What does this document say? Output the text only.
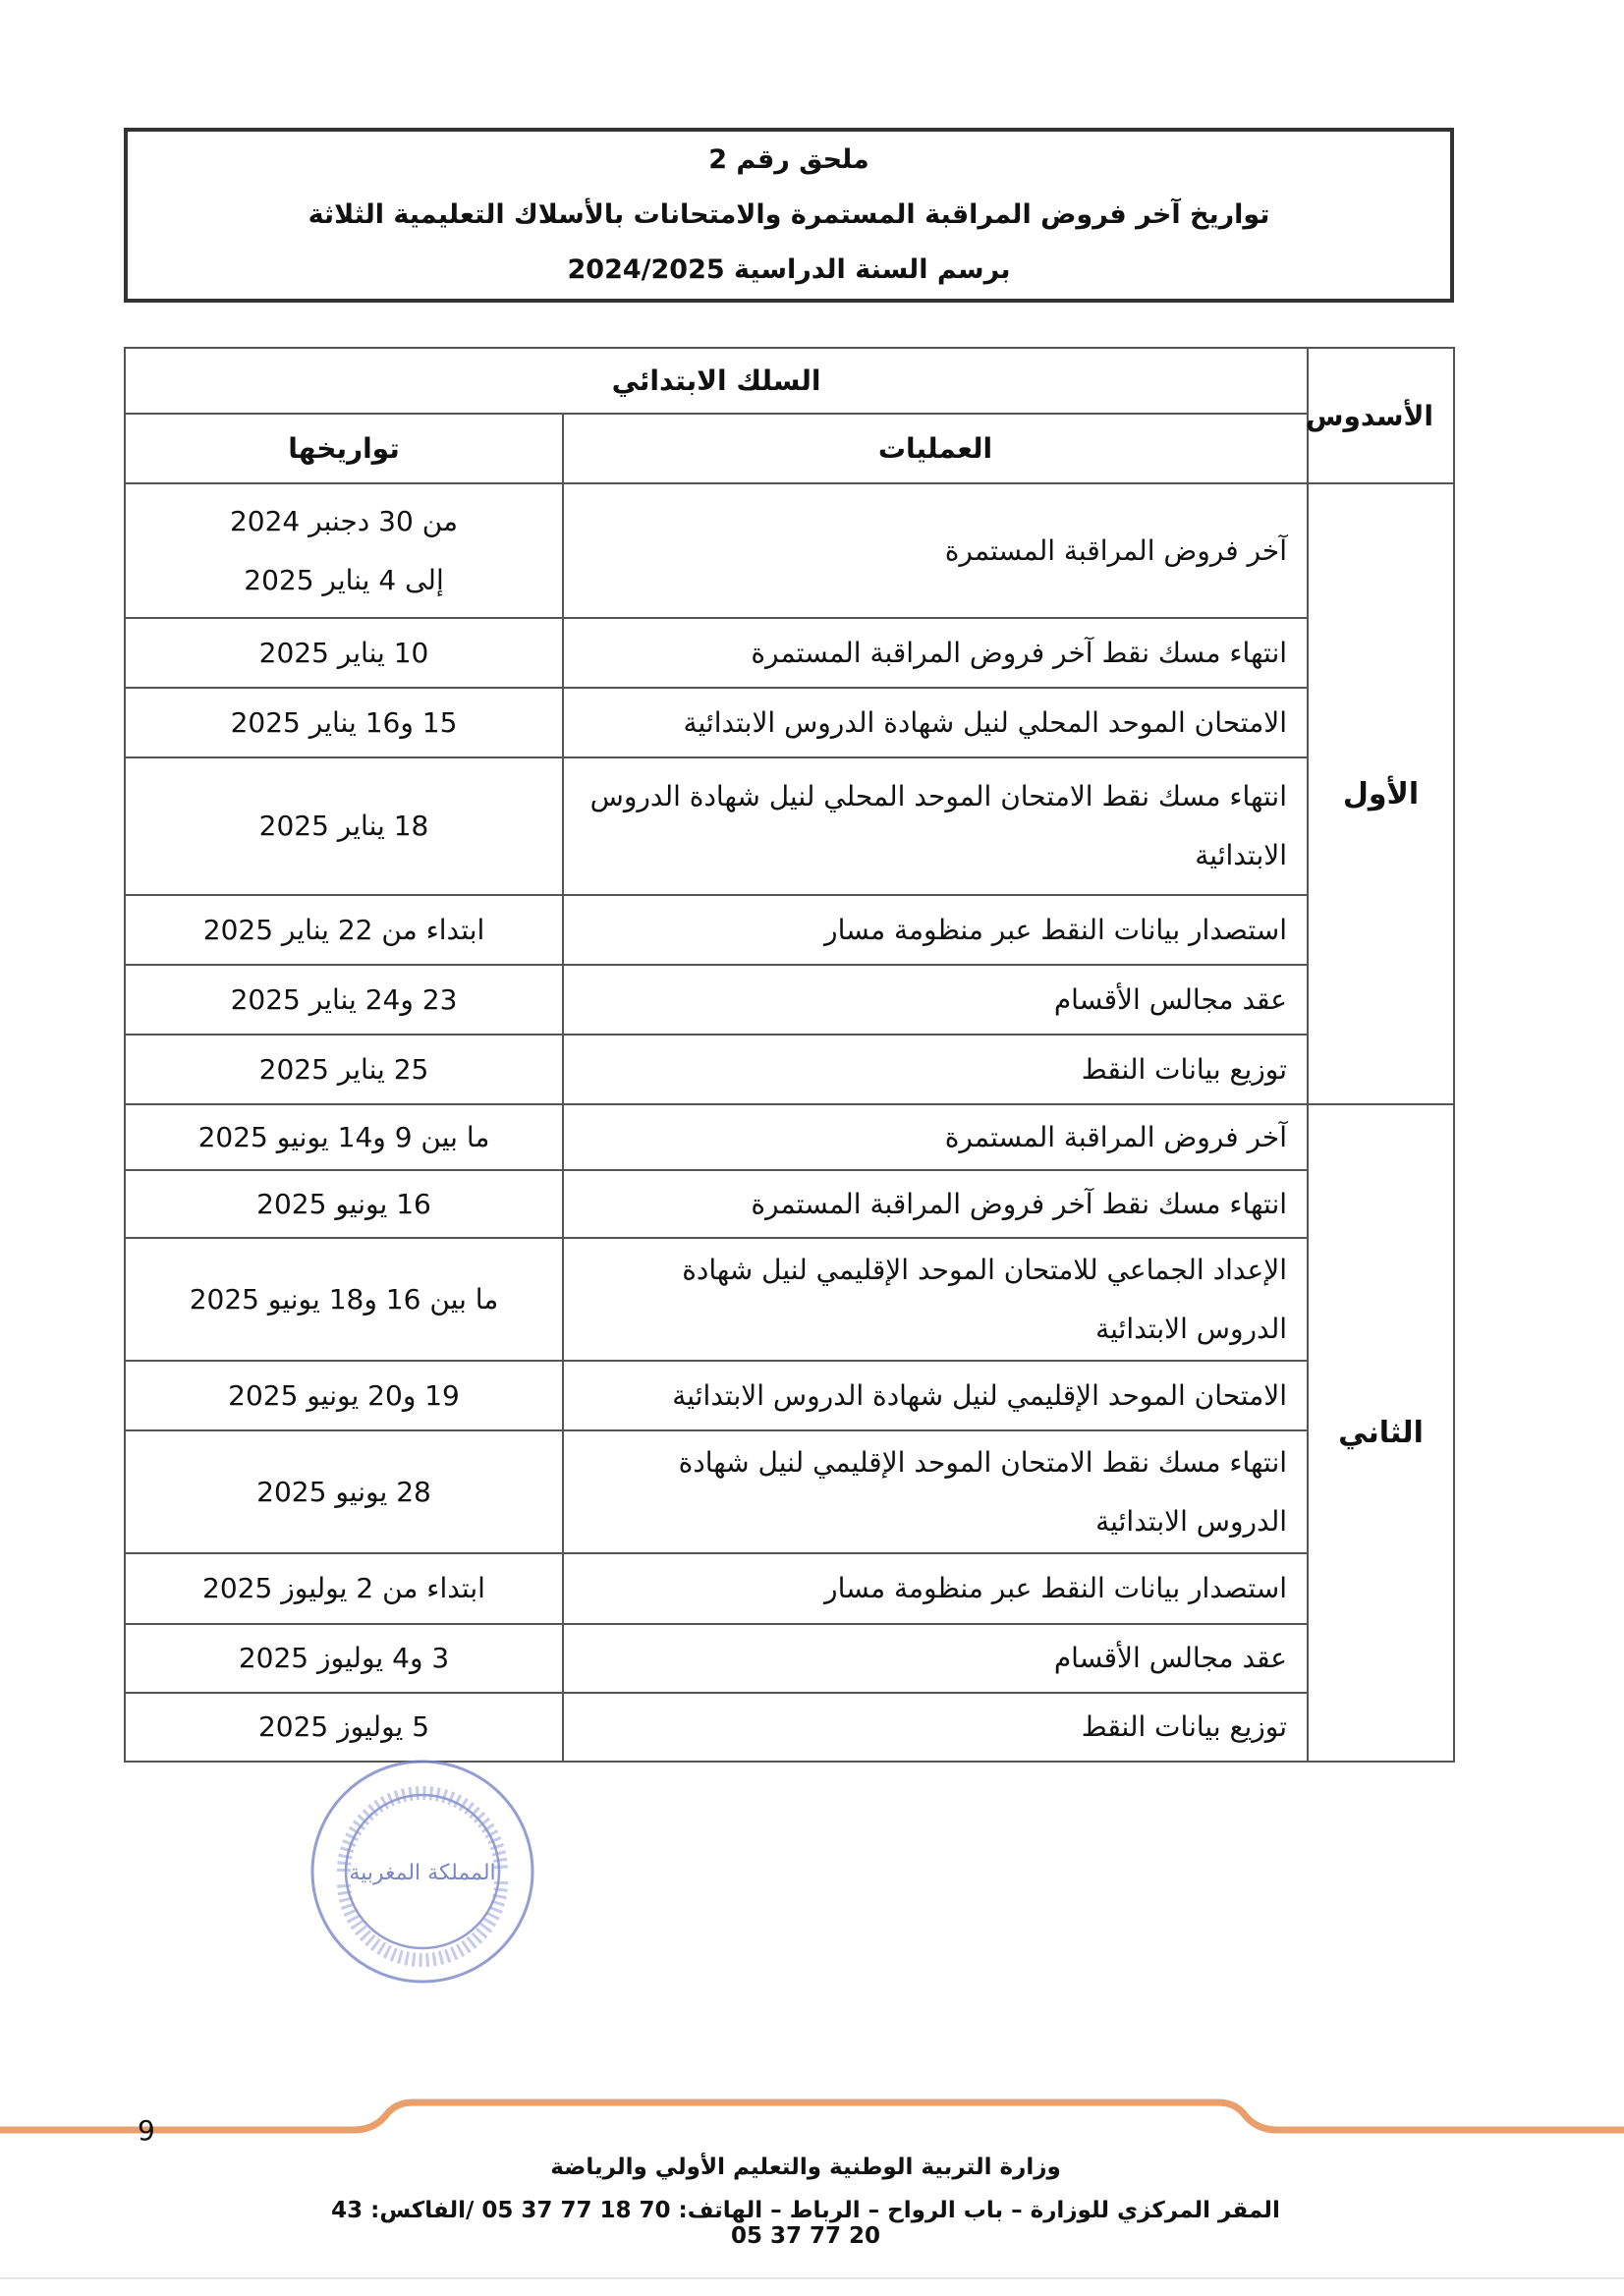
ملحق رقم 2
تواريخ آخر فروض المراقبة المستمرة والامتحانات بالأسلاك التعليمية الثلاثة
برسم السنة الدراسية 2024/2025
الأسدوس	السلك الابتدائي	
	العمليات	تواريخها
الأول	آخر فروض المراقبة المستمرة	من 30 دجنبر 2024
إلى 4 يناير 2025

	انتهاء مسك نقط آخر فروض المراقبة المستمرة	10 يناير 2025

	الامتحان الموحد المحلي لنيل شهادة الدروس الابتدائية	15 و16 يناير 2025

	انتهاء مسك نقط الامتحان الموحد المحلي لنيل شهادة الدروس الابتدائية	18 يناير 2025

	استصدار بيانات النقط عبر منظومة مسار	ابتداء من 22 يناير 2025

	عقد مجالس الأقسام	23 و24 يناير 2025

	توزيع بيانات النقط	25 يناير 2025

الثاني	آخر فروض المراقبة المستمرة	ما بين 9 و14 يونيو 2025

	انتهاء مسك نقط آخر فروض المراقبة المستمرة	16 يونيو 2025

	الإعداد الجماعي للامتحان الموحد الإقليمي لنيل شهادة الدروس الابتدائية	ما بين 16 و18 يونيو 2025

	الامتحان الموحد الإقليمي لنيل شهادة الدروس الابتدائية	19 و20 يونيو 2025

	انتهاء مسك نقط الامتحان الموحد الإقليمي لنيل شهادة الدروس الابتدائية	28 يونيو 2025

	استصدار بيانات النقط عبر منظومة مسار	ابتداء من 2 يوليوز 2025

	عقد مجالس الأقسام	3 و4 يوليوز 2025

	توزيع بيانات النقط	5 يوليوز 2025
المملكة المغربية
9
وزارة التربية الوطنية والتعليم الأولي والرياضة
المقر المركزي للوزارة – باب الرواح – الرباط – الهاتف: 70 18 77 37 05 /الفاكس: 43 20 77 37 05
